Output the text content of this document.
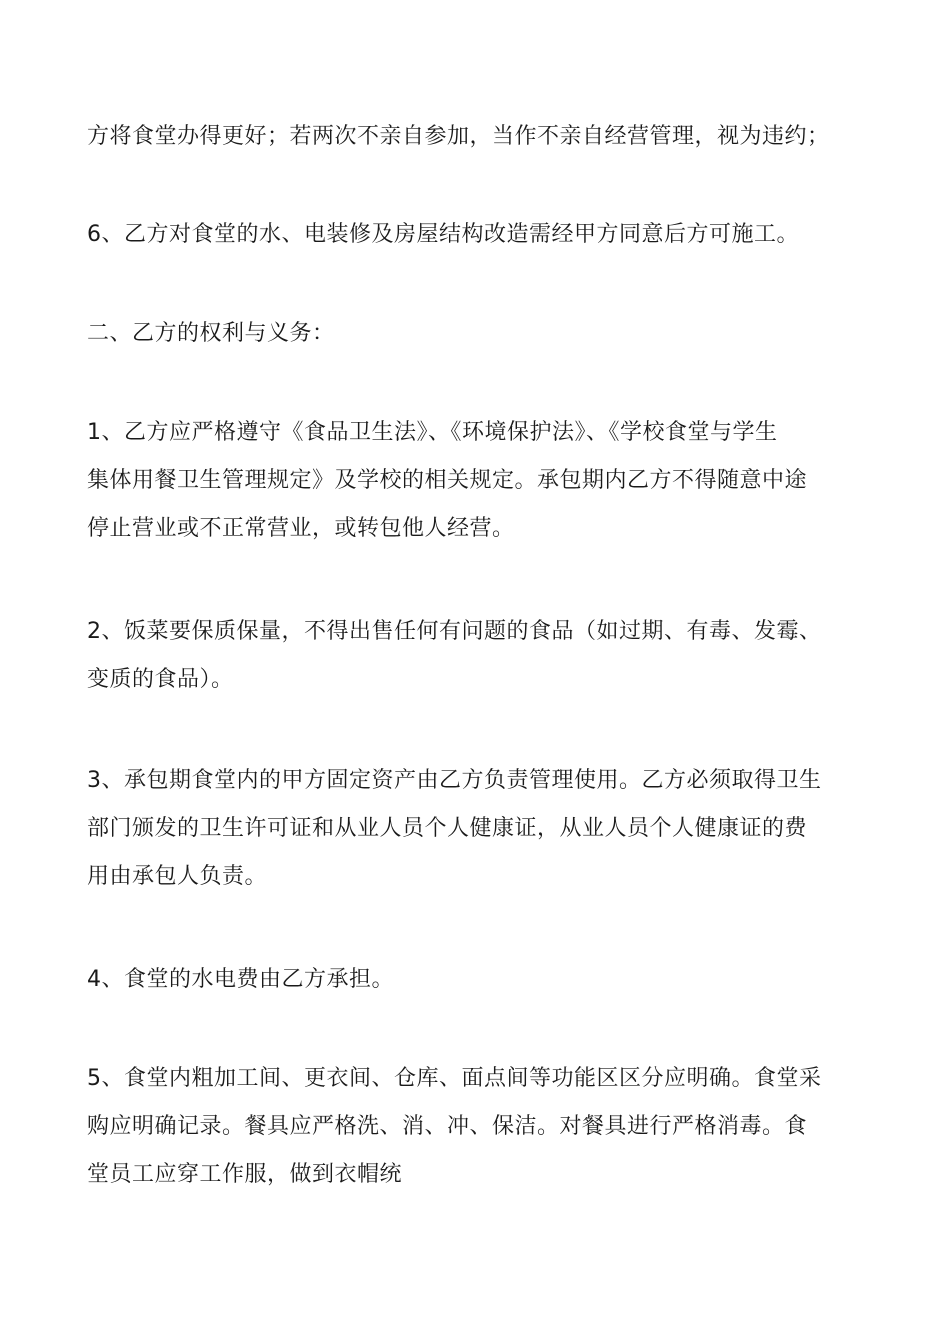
方将食堂办得更好；若两次不亲自参加，当作不亲自经营管理，视为违约；

6、乙方对食堂的水、电装修及房屋结构改造需经甲方同意后方可施工。

二、乙方的权利与义务：

1、乙方应严格遵守《食品卫生法》、《环境保护法》、《学校食堂与学生
集体用餐卫生管理规定》及学校的相关规定。承包期内乙方不得随意中途
停止营业或不正常营业，或转包他人经营。

2、饭菜要保质保量，不得出售任何有问题的食品（如过期、有毒、发霉、
变质的食品）。

3、承包期食堂内的甲方固定资产由乙方负责管理使用。乙方必须取得卫生
部门颁发的卫生许可证和从业人员个人健康证，从业人员个人健康证的费
用由承包人负责。

4、食堂的水电费由乙方承担。

5、食堂内粗加工间、更衣间、仓库、面点间等功能区区分应明确。食堂采
购应明确记录。餐具应严格洗、消、冲、保洁。对餐具进行严格消毒。食
堂员工应穿工作服，做到衣帽统
